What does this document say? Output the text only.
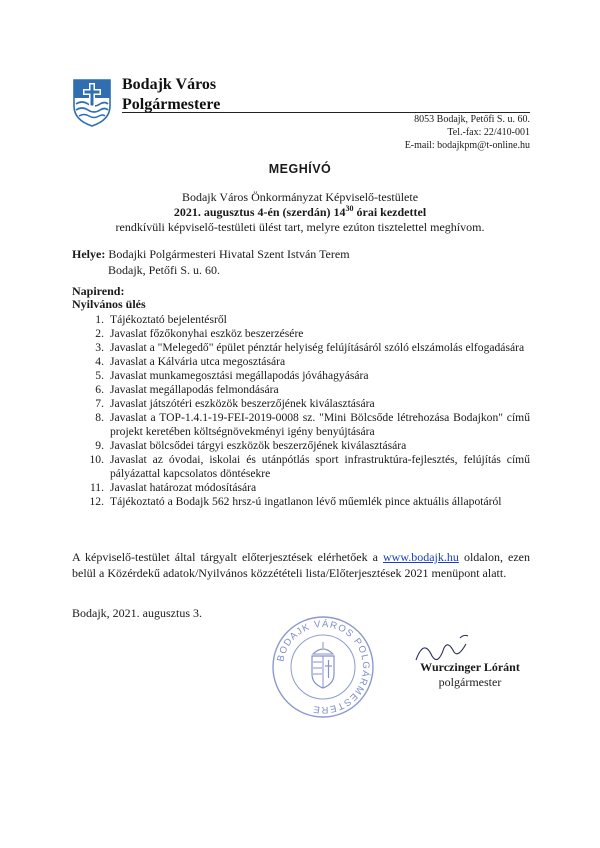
Bodajk Város
Polgármestere
8053 Bodajk, Petőfi S. u. 60.
Tel.-fax: 22/410-001
E-mail: bodajkpm@t-online.hu
MEGHÍVÓ
Bodajk Város Önkormányzat Képviselő-testülete
2021. augusztus 4-én (szerdán) $14^{30}$ órai kezdettel
rendkívüli képviselő-testületi ülést tart, melyre ezúton tisztelettel meghívom.
Helye: Bodajki Polgármesteri Hivatal Szent István Terem
Bodajk, Petőfi S. u. 60.
Napirend:
Nyilvános ülés
1. Tájékoztató bejelentésről
2. Javaslat főzőkonyhai eszköz beszerzésére
3. Javaslat a "Melegedő" épület pénztár helyiség felújításáról szóló elszámolás elfogadására
4. Javaslat a Kálvária utca megosztására
5. Javaslat munkamegosztási megállapodás jóváhagyására
6. Javaslat megállapodás felmondására
7. Javaslat játszótéri eszközök beszerzőjének kiválasztására
8. Javaslat a TOP-1.4.1-19-FEI-2019-0008 sz. "Mini Bölcsőde létrehozása Bodajkon" című projekt keretében költségnövekményi igény benyújtására
9. Javaslat bölcsődei tárgyi eszközök beszerzőjének kiválasztására
10. Javaslat az óvodai, iskolai és utánpótlás sport infrastruktúra-fejlesztés, felújítás című pályázattal kapcsolatos döntésekre
11. Javaslat határozat módosítására
12. Tájékoztató a Bodajk 562 hrsz-ú ingatlanon lévő műemlék pince aktuális állapotáról
A képviselő-testület által tárgyalt előterjesztések elérhetőek a www.bodajk.hu oldalon, ezen belül a Közérdekű adatok/Nyilvános közzétételi lista/Előterjesztések 2021 menüpont alatt.
Bodajk, 2021. augusztus 3.
BODAJK VÁROS POLGÁRMESTERE
Wurczinger Lóránt
polgármester
